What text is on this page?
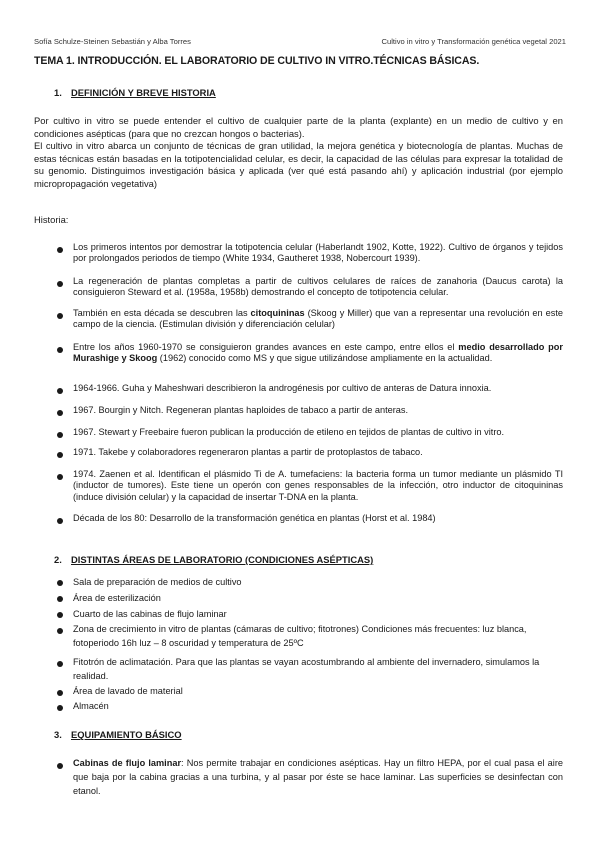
Sofía Schulze-Steinen Sebastián y Alba Torres	Cultivo in vitro y Transformación genética vegetal 2021
TEMA 1. INTRODUCCIÓN. EL LABORATORIO DE CULTIVO IN VITRO.TÉCNICAS BÁSICAS.
1. DEFINICIÓN Y BREVE HISTORIA
Por cultivo in vitro se puede entender el cultivo de cualquier parte de la planta (explante) en un medio de cultivo y en condiciones asépticas (para que no crezcan hongos o bacterias).
El cultivo in vitro abarca un conjunto de técnicas de gran utilidad, la mejora genética y biotecnología de plantas. Muchas de estas técnicas están basadas en la totipotencialidad celular, es decir, la capacidad de las células para expresar la totalidad de su genomio. Distinguimos investigación básica y aplicada (ver qué está pasando ahí) y aplicación industrial (por ejemplo micropropagación vegetativa)
Historia:
Los primeros intentos por demostrar la totipotencia celular (Haberlandt 1902, Kotte, 1922). Cultivo de órganos y tejidos por prolongados periodos de tiempo (White 1934, Gautheret 1938, Nobercourt 1939).
La regeneración de plantas completas a partir de cultivos celulares de raíces de zanahoria (Daucus carota) la consiguieron Steward et al. (1958a, 1958b) demostrando el concepto de totipotencia celular.
También en esta década se descubren las citoquininas (Skoog y Miller) que van a representar una revolución en este campo de la ciencia. (Estimulan división y diferenciación celular)
Entre los años 1960-1970 se consiguieron grandes avances en este campo, entre ellos el medio desarrollado por Murashige y Skoog (1962) conocido como MS y que sigue utilizándose ampliamente en la actualidad.
1964-1966. Guha y Maheshwari describieron la androgénesis por cultivo de anteras de Datura innoxia.
1967. Bourgin y Nitch. Regeneran plantas haploides de tabaco a partir de anteras.
1967. Stewart y Freebaire fueron publican la producción de etileno en tejidos de plantas de cultivo in vitro.
1971. Takebe y colaboradores regeneraron plantas a partir de protoplastos de tabaco.
1974. Zaenen et al. Identifican el plásmido Ti de A. tumefaciens: la bacteria forma un tumor mediante un plásmido TI (inductor de tumores). Este tiene un operón con genes responsables de la infección, otro inductor de citoquininas (induce división celular) y la capacidad de insertar T-DNA en la planta.
Década de los 80: Desarrollo de la transformación genética en plantas (Horst et al. 1984)
2. DISTINTAS ÁREAS DE LABORATORIO (CONDICIONES ASÉPTICAS)
Sala de preparación de medios de cultivo
Área de esterilización
Cuarto de las cabinas de flujo laminar
Zona de crecimiento in vitro de plantas (cámaras de cultivo; fitotrones) Condiciones más frecuentes: luz blanca, fotoperiodo 16h luz – 8 oscuridad y temperatura de 25ºC
Fitotrón de aclimatación. Para que las plantas se vayan acostumbrando al ambiente del invernadero, simulamos la realidad.
Área de lavado de material
Almacén
3. EQUIPAMIENTO BÁSICO
Cabinas de flujo laminar: Nos permite trabajar en condiciones asépticas. Hay un filtro HEPA, por el cual pasa el aire que baja por la cabina gracias a una turbina, y al pasar por éste se hace laminar. Las superficies se desinfectan con etanol.
